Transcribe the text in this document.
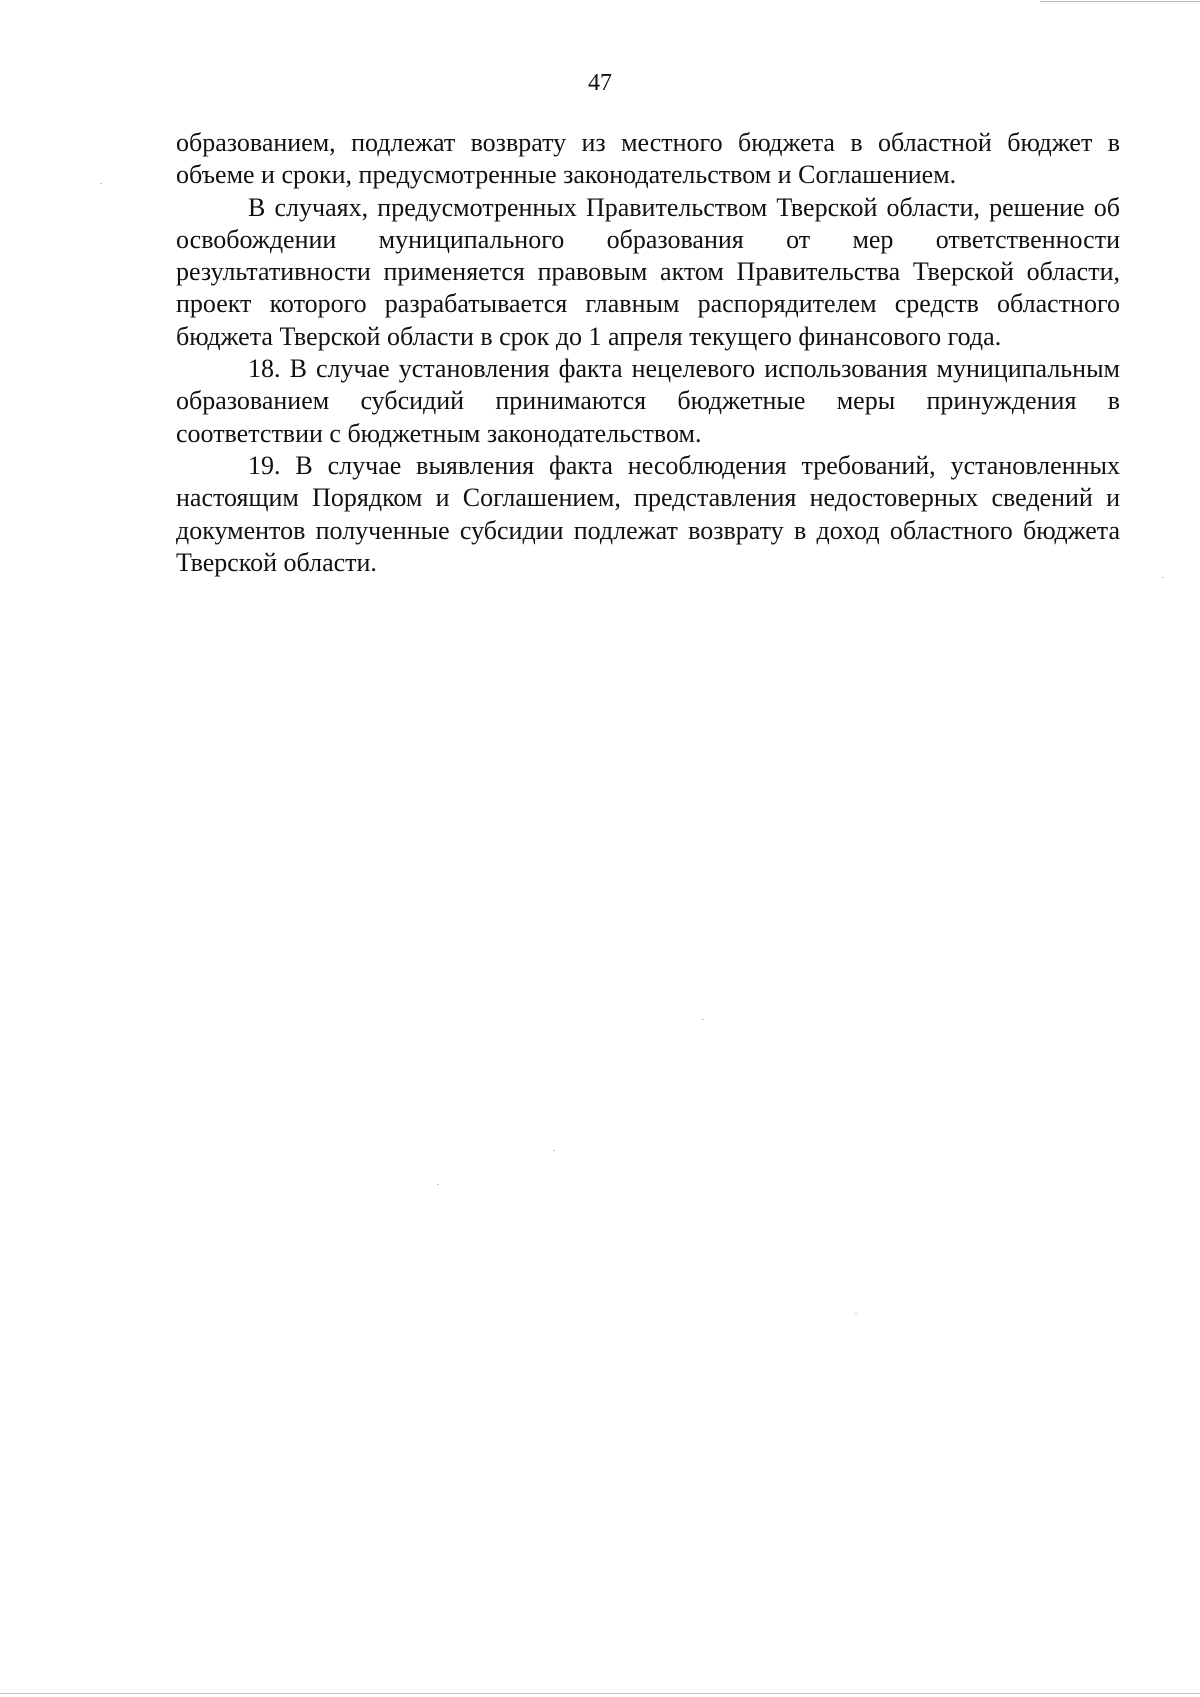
47

образованием, подлежат возврату из местного бюджета в областной бюджет в объеме и сроки, предусмотренные законодательством и Соглашением.

В случаях, предусмотренных Правительством Тверской области, решение об освобождении муниципального образования от мер ответственности результативности применяется правовым актом Правительства Тверской области, проект которого разрабатывается главным распорядителем средств областного бюджета Тверской области в срок до 1 апреля текущего финансового года.

18. В случае установления факта нецелевого использования муниципальным образованием субсидий принимаются бюджетные меры принуждения в соответствии с бюджетным законодательством.

19. В случае выявления факта несоблюдения требований, установленных настоящим Порядком и Соглашением, представления недостоверных сведений и документов полученные субсидии подлежат возврату в доход областного бюджета Тверской области.
